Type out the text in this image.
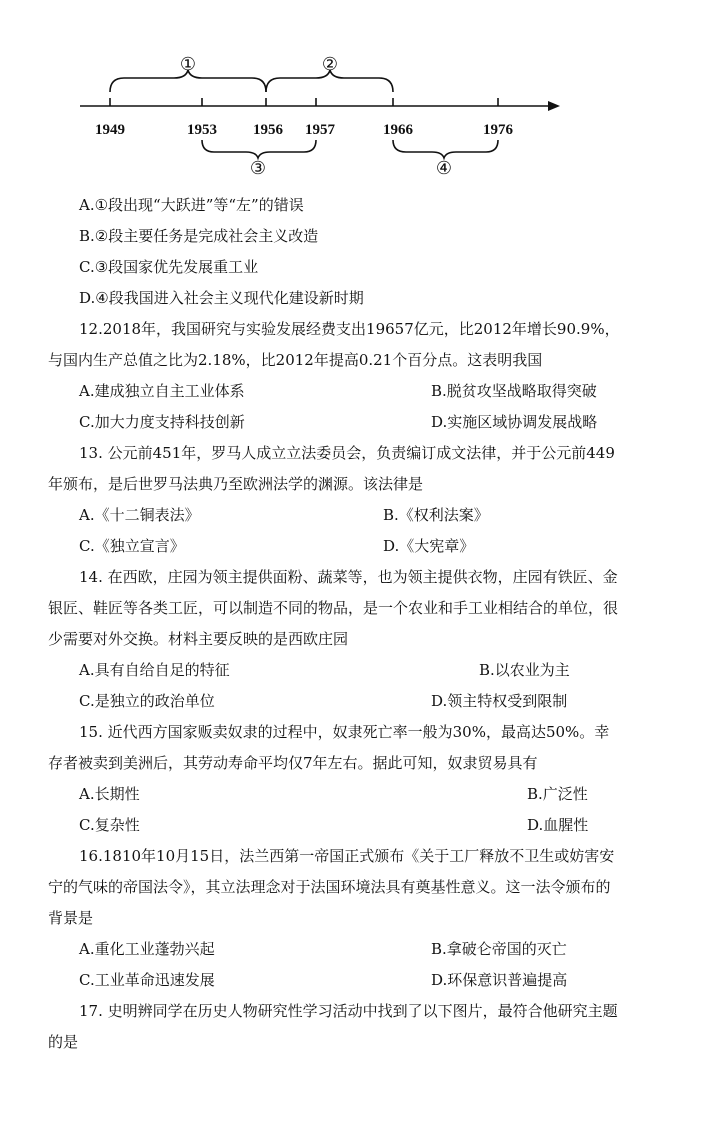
1949	1953 1956 1957	1966	1976
①	②
③	④
A.①段出现“大跃进”等“左”的错误
B.②段主要任务是完成社会主义改造
C.③段国家优先发展重工业
D.④段我国进入社会主义现代化建设新时期
12.2018年，我国研究与实验发展经费支出19657亿元，比2012年增长90.9%，
与国内生产总值之比为2.18%，比2012年提高0.21个百分点。这表明我国
A.建成独立自主工业体系	B.脱贫攻坚战略取得突破
C.加大力度支持科技创新	D.实施区域协调发展战略
13. 公元前451年，罗马人成立立法委员会，负责编订成文法律，并于公元前449
年颁布，是后世罗马法典乃至欧洲法学的渊源。该法律是
A.《十二铜表法》	B.《权利法案》
C.《独立宣言》	D.《大宪章》
14. 在西欧，庄园为领主提供面粉、蔬菜等，也为领主提供衣物，庄园有铁匠、金
银匠、鞋匠等各类工匠，可以制造不同的物品，是一个农业和手工业相结合的单位，很
少需要对外交换。材料主要反映的是西欧庄园
A.具有自给自足的特征	B.以农业为主
C.是独立的政治单位	D.领主特权受到限制
15. 近代西方国家贩卖奴隶的过程中，奴隶死亡率一般为30%，最高达50%。幸
存者被卖到美洲后，其劳动寿命平均仅7年左右。据此可知，奴隶贸易具有
A.长期性	B.广泛性
C.复杂性	D.血腥性
16.1810年10月15日，法兰西第一帝国正式颁布《关于工厂释放不卫生或妨害安
宁的气味的帝国法令》，其立法理念对于法国环境法具有奠基性意义。这一法令颁布的
背景是
A.重化工业蓬勃兴起	B.拿破仑帝国的灭亡
C.工业革命迅速发展	D.环保意识普遍提高
17. 史明辨同学在历史人物研究性学习活动中找到了以下图片，最符合他研究主题
的是
